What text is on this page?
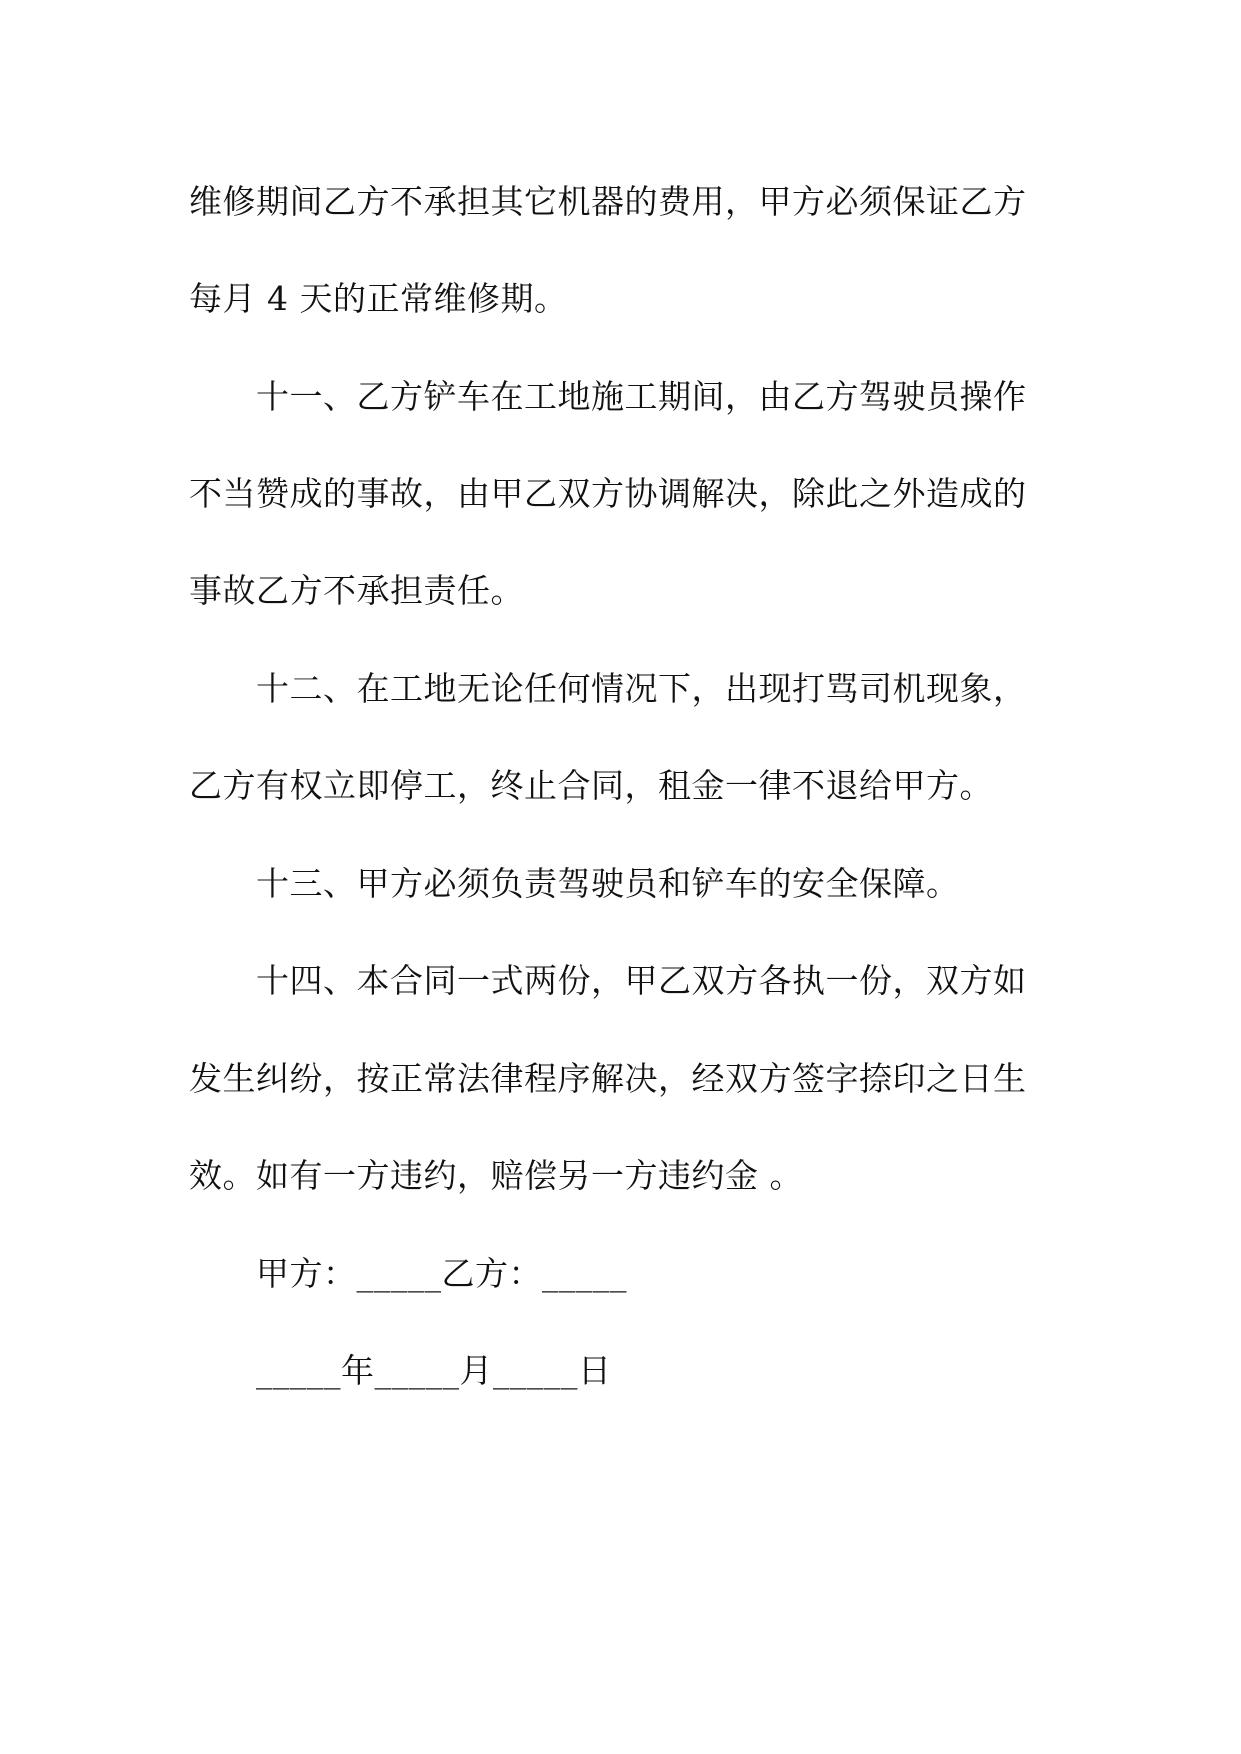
维修期间乙方不承担其它机器的费用，甲方必须保证乙方
每月 4 天的正常维修期。
十一、乙方铲车在工地施工期间，由乙方驾驶员操作
不当赞成的事故，由甲乙双方协调解决，除此之外造成的
事故乙方不承担责任。
十二、在工地无论任何情况下，出现打骂司机现象，
乙方有权立即停工，终止合同，租金一律不退给甲方。
十三、甲方必须负责驾驶员和铲车的安全保障。
十四、本合同一式两份，甲乙双方各执一份，双方如
发生纠纷，按正常法律程序解决，经双方签字捺印之日生
效。如有一方违约，赔偿另一方违约金 。
甲方：_____乙方：_____
_____年_____月_____日
